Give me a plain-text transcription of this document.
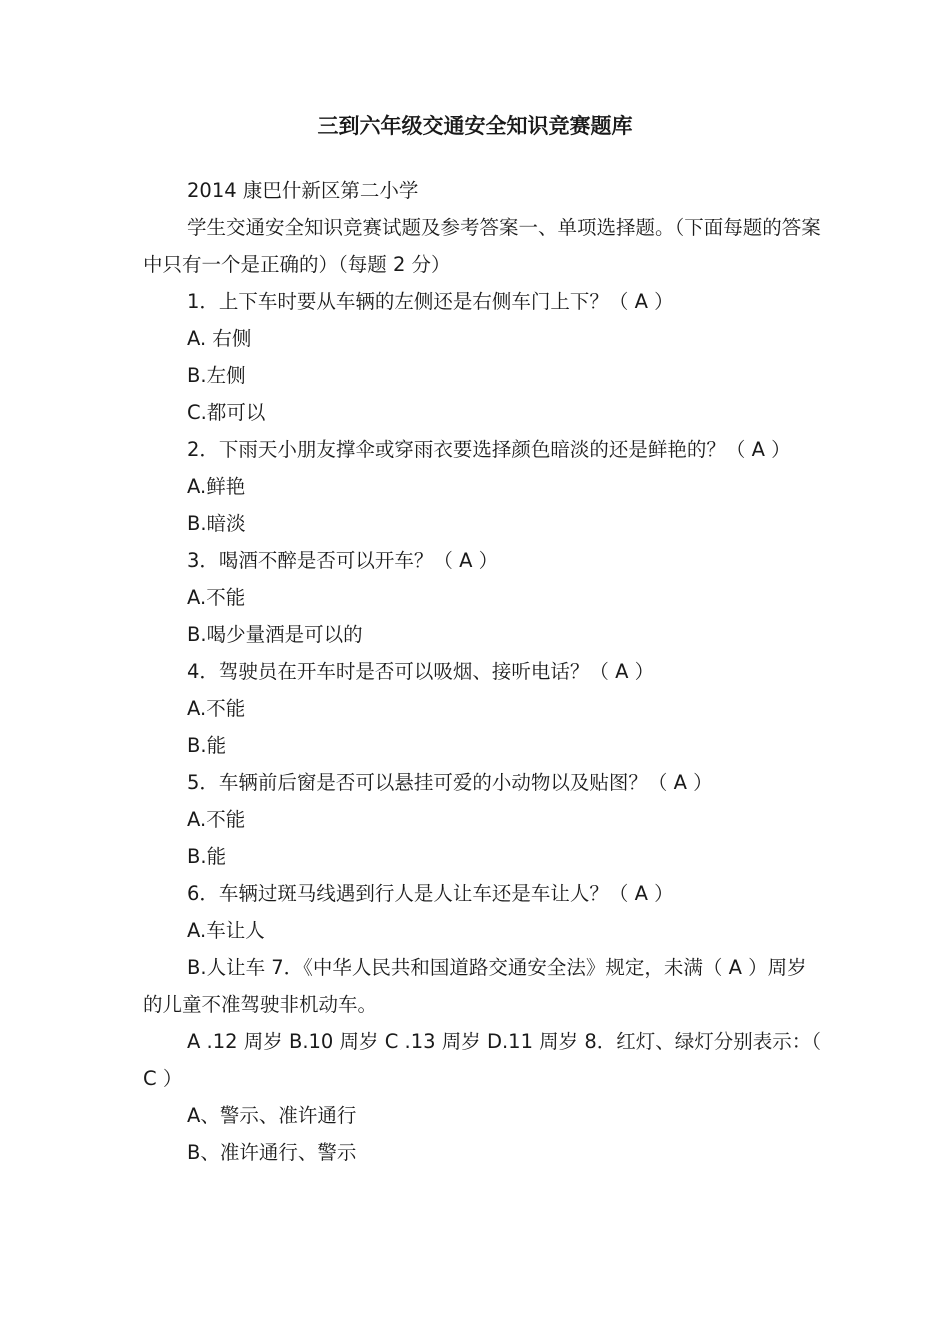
三到六年级交通安全知识竞赛题库

2014 康巴什新区第二小学

学生交通安全知识竞赛试题及参考答案一、单项选择题。（下面每题的答案中只有一个是正确的）（每题 2 分）

1．上下车时要从车辆的左侧还是右侧车门上下？（ A ）

A. 右侧

B.左侧

C.都可以

2．下雨天小朋友撑伞或穿雨衣要选择颜色暗淡的还是鲜艳的？（ A ）

A.鲜艳

B.暗淡

3．喝酒不醉是否可以开车？（ A ）

A.不能

B.喝少量酒是可以的

4．驾驶员在开车时是否可以吸烟、接听电话？（ A ）

A.不能

B.能

5．车辆前后窗是否可以悬挂可爱的小动物以及贴图？（ A ）

A.不能

B.能

6．车辆过斑马线遇到行人是人让车还是车让人？（ A ）

A.车让人

B.人让车 7．《中华人民共和国道路交通安全法》规定，未满（ A ）周岁的儿童不准驾驶非机动车。

A .12 周岁 B.10 周岁 C .13 周岁 D.11 周岁 8．红灯、绿灯分别表示：（ C ）

A、警示、准许通行

B、准许通行、警示
